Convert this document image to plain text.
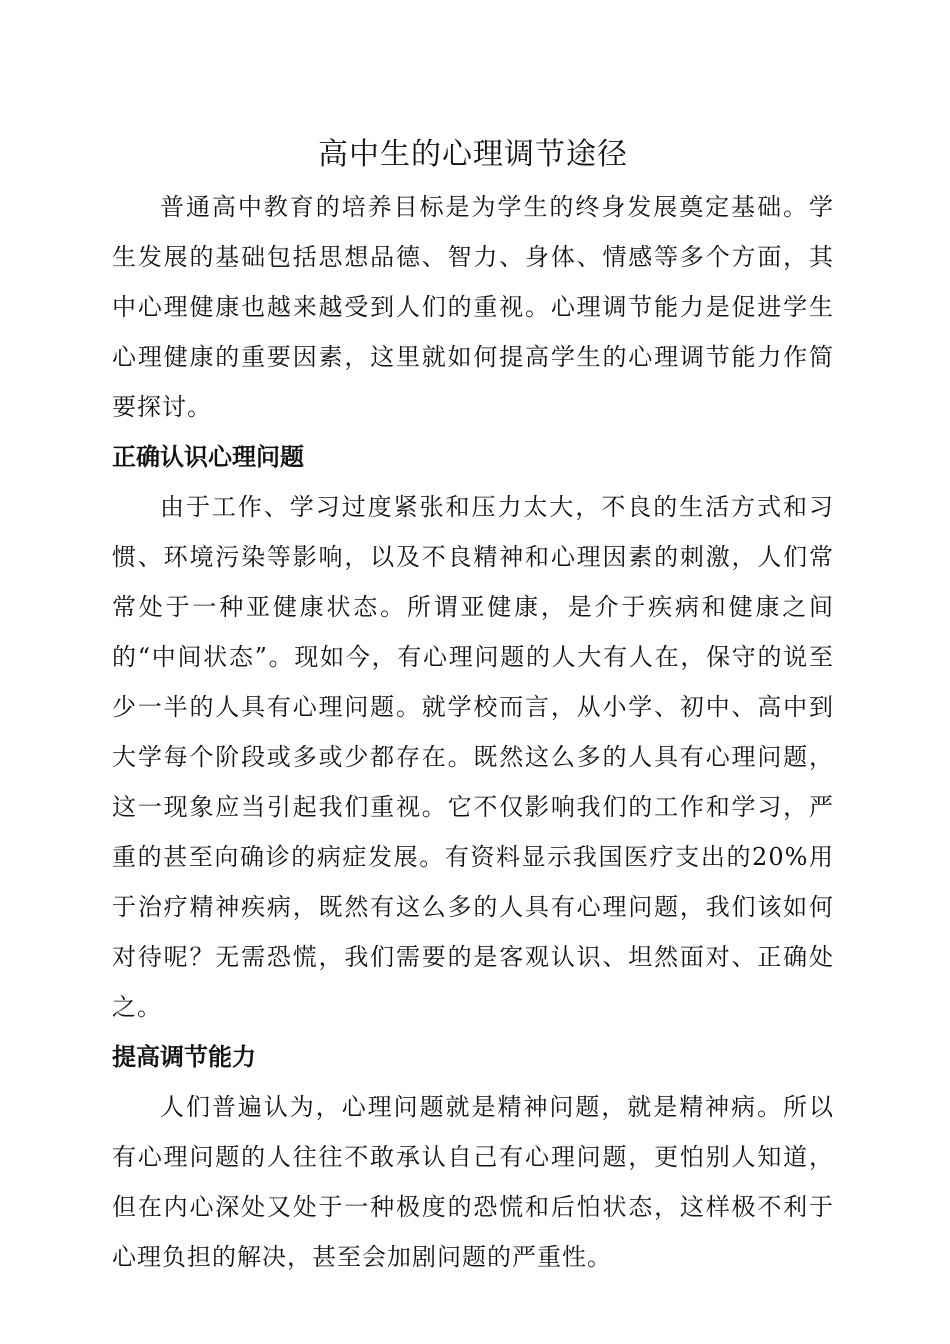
高中生的心理调节途径

普通高中教育的培养目标是为学生的终身发展奠定基础。学生发展的基础包括思想品德、智力、身体、情感等多个方面，其中心理健康也越来越受到人们的重视。心理调节能力是促进学生心理健康的重要因素，这里就如何提高学生的心理调节能力作简要探讨。

正确认识心理问题

由于工作、学习过度紧张和压力太大，不良的生活方式和习惯、环境污染等影响，以及不良精神和心理因素的刺激，人们常常处于一种亚健康状态。所谓亚健康，是介于疾病和健康之间的“中间状态”。现如今，有心理问题的人大有人在，保守的说至少一半的人具有心理问题。就学校而言，从小学、初中、高中到大学每个阶段或多或少都存在。既然这么多的人具有心理问题，这一现象应当引起我们重视。它不仅影响我们的工作和学习，严重的甚至向确诊的病症发展。有资料显示我国医疗支出的20%用于治疗精神疾病，既然有这么多的人具有心理问题，我们该如何对待呢？无需恐慌，我们需要的是客观认识、坦然面对、正确处之。

提高调节能力

人们普遍认为，心理问题就是精神问题，就是精神病。所以有心理问题的人往往不敢承认自己有心理问题，更怕别人知道，但在内心深处又处于一种极度的恐慌和后怕状态，这样极不利于心理负担的解决，甚至会加剧问题的严重性。
